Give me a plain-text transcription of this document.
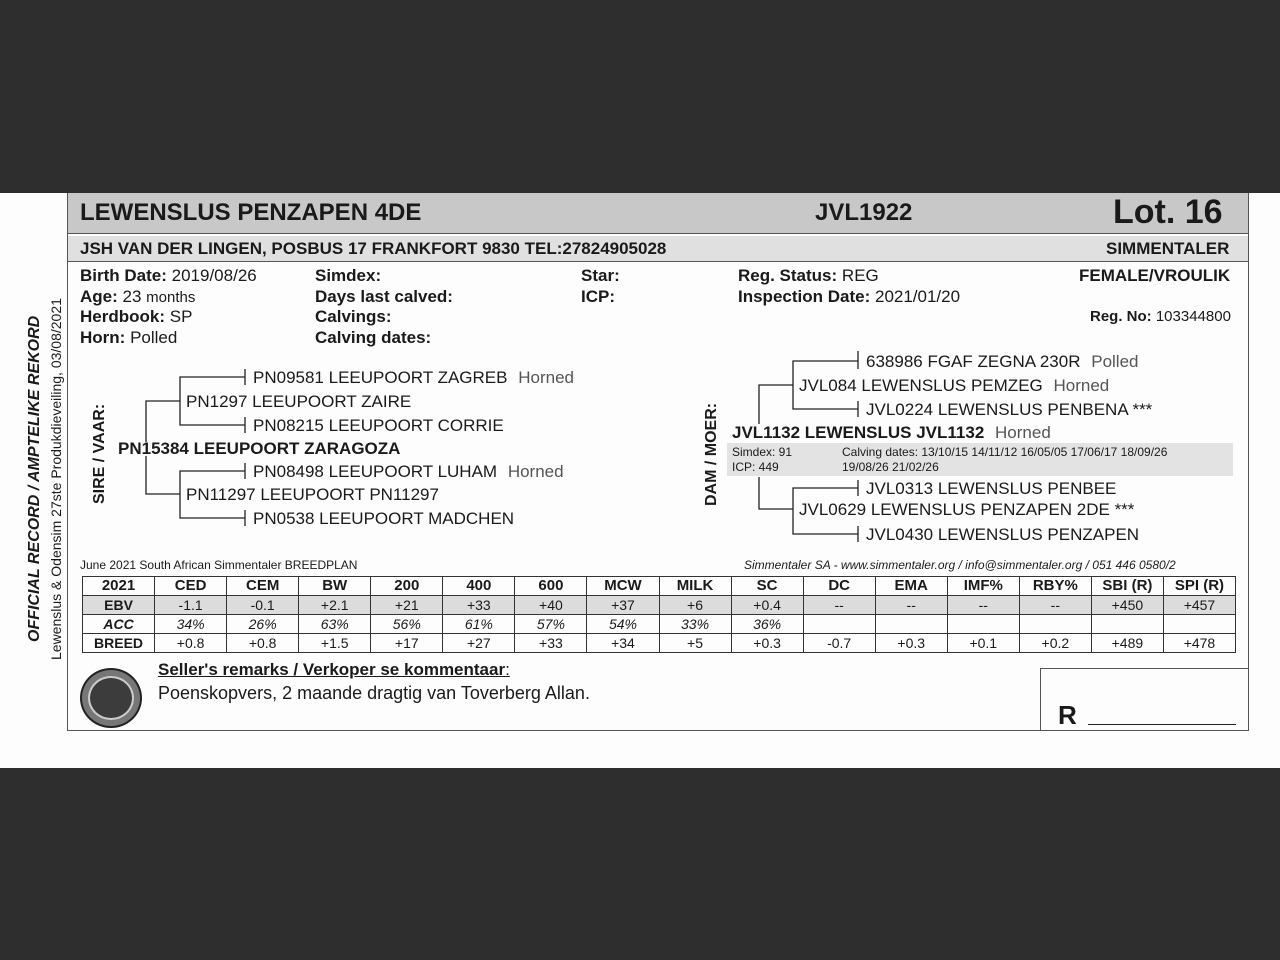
LEWENSLUS PENZAPEN 4DE	JVL1922	Lot. 16
JSH VAN DER LINGEN, POSBUS 17 FRANKFORT 9830 TEL:27824905028	SIMMENTALER
OFFICIAL RECORD / AMPTELIKE REKORD Lewenslus & Odensim 27ste Produkdieveiling, 03/08/2021
Birth Date: 2019/08/26
Age: 23 months
Herdbook: SP
Horn: Polled
Simdex:
Days last calved:
Calvings:
Calving dates:
Star:
ICP:
Reg. Status: REG
Inspection Date: 2021/01/20
FEMALE/VROULIK
Reg. No: 103344800
SIRE / VAAR:
PN09581 LEEUPOORT ZAGREB Horned
PN1297 LEEUPOORT ZAIRE
PN08215 LEEUPOORT CORRIE
PN15384 LEEUPOORT ZARAGOZA
PN08498 LEEUPOORT LUHAM Horned
PN11297 LEEUPOORT PN11297
PN0538 LEEUPOORT MADCHEN
DAM / MOER:
638986 FGAF ZEGNA 230R Polled
JVL084 LEWENSLUS PEMZEG Horned
JVL0224 LEWENSLUS PENBENA ***
JVL1132 LEWENSLUS JVL1132 Horned
Simdex: 91
ICP: 449
Calving dates: 13/10/15 14/11/12 16/05/05 17/06/17 18/09/26
19/08/26 21/02/26
JVL0313 LEWENSLUS PENBEE
JVL0629 LEWENSLUS PENZAPEN 2DE ***
JVL0430 LEWENSLUS PENZAPEN
June 2021 South African Simmentaler BREEDPLAN	Simmentaler SA - www.simmentaler.org / info@simmentaler.org / 051 446 0580/2
2021	CED	CEM	BW	200	400	600	MCW	MILK	SC	DC	EMA	IMF%	RBY%	SBI (R)	SPI (R)
EBV	-1.1	-0.1	+2.1	+21	+33	+40	+37	+6	+0.4	--	--	--	--	+450	+457
ACC	34%	26%	63%	56%	61%	57%	54%	33%	36%						
BREED	+0.8	+0.8	+1.5	+17	+27	+33	+34	+5	+0.3	-0.7	+0.3	+0.1	+0.2	+489	+478
Seller's remarks / Verkoper se kommentaar:
Poenskopvers, 2 maande dragtig van Toverberg Allan.
R
